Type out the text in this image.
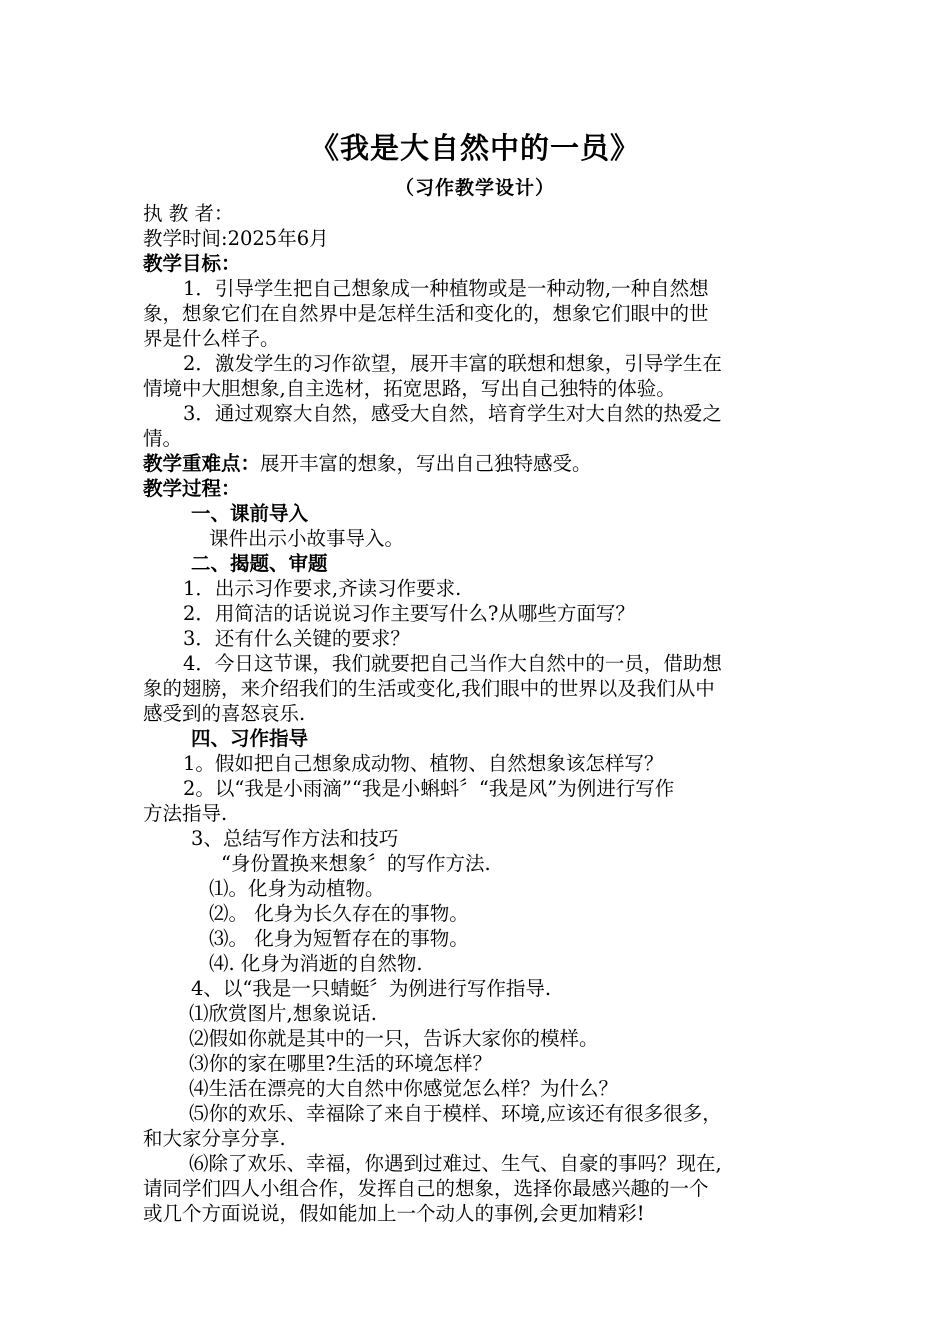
《我是大自然中的一员》
（习作教学设计）
执 教 者：
教学时间:2025年6月
教学目标：
1．引导学生把自己想象成一种植物或是一种动物,一种自然想
象，想象它们在自然界中是怎样生活和变化的，想象它们眼中的世
界是什么样子。
2．激发学生的习作欲望，展开丰富的联想和想象，引导学生在
情境中大胆想象,自主选材，拓宽思路，写出自己独特的体验。
3．通过观察大自然，感受大自然，培育学生对大自然的热爱之
情。
教学重难点：展开丰富的想象，写出自己独特感受。
教学过程：
一、课前导入
课件出示小故事导入。
二、揭题、审题
1．出示习作要求,齐读习作要求.
2．用简洁的话说说习作主要写什么?从哪些方面写？
3．还有什么关键的要求？
4．今日这节课，我们就要把自己当作大自然中的一员，借助想
象的翅膀，来介绍我们的生活或变化,我们眼中的世界以及我们从中
感受到的喜怒哀乐.
四、习作指导
1。假如把自己想象成动物、植物、自然想象该怎样写？
2。以“我是小雨滴”“我是小蝌蚪〞“我是风”为例进行写作
方法指导.
3、总结写作方法和技巧
“身份置换来想象〞的写作方法.
⑴。化身为动植物。
⑵。 化身为长久存在的事物。
⑶。 化身为短暂存在的事物。
⑷. 化身为消逝的自然物.
4、以“我是一只蜻蜓〞为例进行写作指导.
⑴欣赏图片,想象说话.
⑵假如你就是其中的一只，告诉大家你的模样。
⑶你的家在哪里?生活的环境怎样？
⑷生活在漂亮的大自然中你感觉怎么样？为什么？
⑸你的欢乐、幸福除了来自于模样、环境,应该还有很多很多，
和大家分享分享.
⑹除了欢乐、幸福，你遇到过难过、生气、自豪的事吗？现在,
请同学们四人小组合作，发挥自己的想象，选择你最感兴趣的一个
或几个方面说说，假如能加上一个动人的事例,会更加精彩!
